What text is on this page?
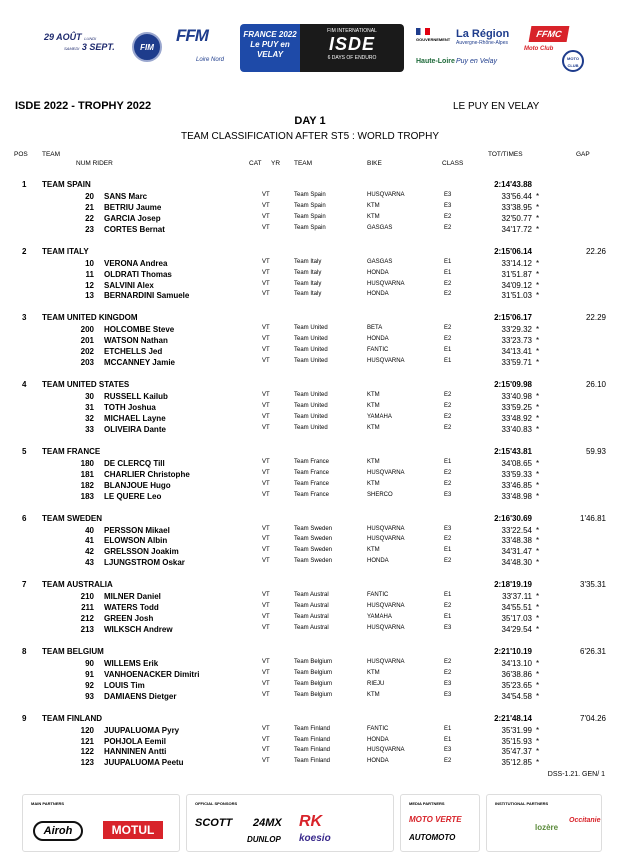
29 AOÛT LUNDI
SAMEDI 3 SEPT.	FIM
FFM
Loire Nord
FRANCE 2022 Le PUY en VELAY
FIM INTERNATIONAL
ISDE
6 DAYS OF ENDURO
GOUVERNEMENT La Région
Auvergne-Rhône-Alpes
Haute-Loire Puy en Velay
FFMC
Moto Club
MOTO CLUB
ISDE 2022 - TROPHY 2022	LE PUY EN VELAY
DAY 1
TEAM CLASSIFICATION AFTER ST5 : WORLD TROPHY
POS TEAM
NUM RIDER	CAT YR TEAM	BIKE	CLASS
TOT/TIMES	GAP
1	TEAM SPAIN	2:14'43.88
20 SANS Marc	VT	Team Spain	HUSQVARNA	E3	33'56.44 *
21 BETRIU Jaume	VT	Team Spain	KTM	E3	33'38.95 *
22 GARCIA Josep	VT	Team Spain	KTM	E2	32'50.77 *
23 CORTES Bernat	VT	Team Spain	GASGAS	E2	34'17.72 *
2	TEAM ITALY	2:15'06.14	22.26
10 VERONA Andrea	VT	Team Italy	GASGAS	E1	33'14.12 *
11 OLDRATI Thomas	VT	Team Italy	HONDA	E1	31'51.87 *
12 SALVINI Alex	VT	Team Italy	HUSQVARNA	E2	34'09.12 *
13 BERNARDINI Samuele	VT	Team Italy	HONDA	E2	31'51.03 *
3	TEAM UNITED KINGDOM	2:15'06.17	22.29
200 HOLCOMBE Steve	VT	Team United	BETA	E2	33'29.32 *
201 WATSON Nathan	VT	Team United	HONDA	E2	33'23.73 *
202 ETCHELLS Jed	VT	Team United	FANTIC	E1	34'13.41 *
203 MCCANNEY Jamie	VT	Team United	HUSQVARNA	E1	33'59.71 *
4	TEAM UNITED STATES	2:15'09.98	26.10
30 RUSSELL Kailub	VT	Team United	KTM	E2	33'40.98 *
31 TOTH Joshua	VT	Team United	KTM	E2	33'59.25 *
32 MICHAEL Layne	VT	Team United	YAMAHA	E2	33'48.92 *
33 OLIVEIRA Dante	VT	Team United	KTM	E2	33'40.83 *
5	TEAM FRANCE	2:15'43.81	59.93
180 DE CLERCQ Till	VT	Team France	KTM	E1	34'08.65 *
181 CHARLIER Christophe	VT	Team France	HUSQVARNA	E2	33'59.33 *
182 BLANJOUE Hugo	VT	Team France	KTM	E2	33'46.85 *
183 LE QUERE Leo	VT	Team France	SHERCO	E3	33'48.98 *
6	TEAM SWEDEN	2:16'30.69	1'46.81
40 PERSSON Mikael	VT	Team Sweden	HUSQVARNA	E3	33'22.54 *
41 ELOWSON Albin	VT	Team Sweden	HUSQVARNA	E2	33'48.38 *
42 GRELSSON Joakim	VT	Team Sweden	KTM	E1	34'31.47 *
43 LJUNGSTROM Oskar	VT	Team Sweden	HONDA	E2	34'48.30 *
7	TEAM AUSTRALIA	2:18'19.19	3'35.31
210 MILNER Daniel	VT	Team Austral	FANTIC	E1	33'37.11 *
211 WATERS Todd	VT	Team Austral	HUSQVARNA	E2	34'55.51 *
212 GREEN Josh	VT	Team Austral	YAMAHA	E1	35'17.03 *
213 WILKSCH Andrew	VT	Team Austral	HUSQVARNA	E3	34'29.54 *
8	TEAM BELGIUM	2:21'10.19	6'26.31
90 WILLEMS Erik	VT	Team Belgium	HUSQVARNA	E2	34'13.10 *
91 VANHOENACKER Dimitri	VT	Team Belgium	KTM	E2	36'38.86 *
92 LOUIS Tim	VT	Team Belgium	RIEJU	E3	35'23.65 *
93 DAMIAENS Dietger	VT	Team Belgium	KTM	E3	34'54.58 *
9	TEAM FINLAND	2:21'48.14	7'04.26
120 JUUPALUOMA Pyry	VT	Team Finland	FANTIC	E1	35'31.99 *
121 POHJOLA Eemil	VT	Team Finland	HONDA	E1	35'15.93 *
122 HANNINEN Antti	VT	Team Finland	HUSQVARNA	E3	35'47.37 *
123 JUUPALUOMA Peetu	VT	Team Finland	HONDA	E2	35'12.85 *
DSS-1.21. GEN/ 1
MAIN PARTNERS
Airoh	MOTUL
OFFICIAL SPONSORS
SCOTT 24MX RK
DUNLOP koesio
MEDIA PARTNERS
MOTO VERTE
AUTOMOTO
INSTITUTIONAL PARTNERS
lozère
Occitanie
